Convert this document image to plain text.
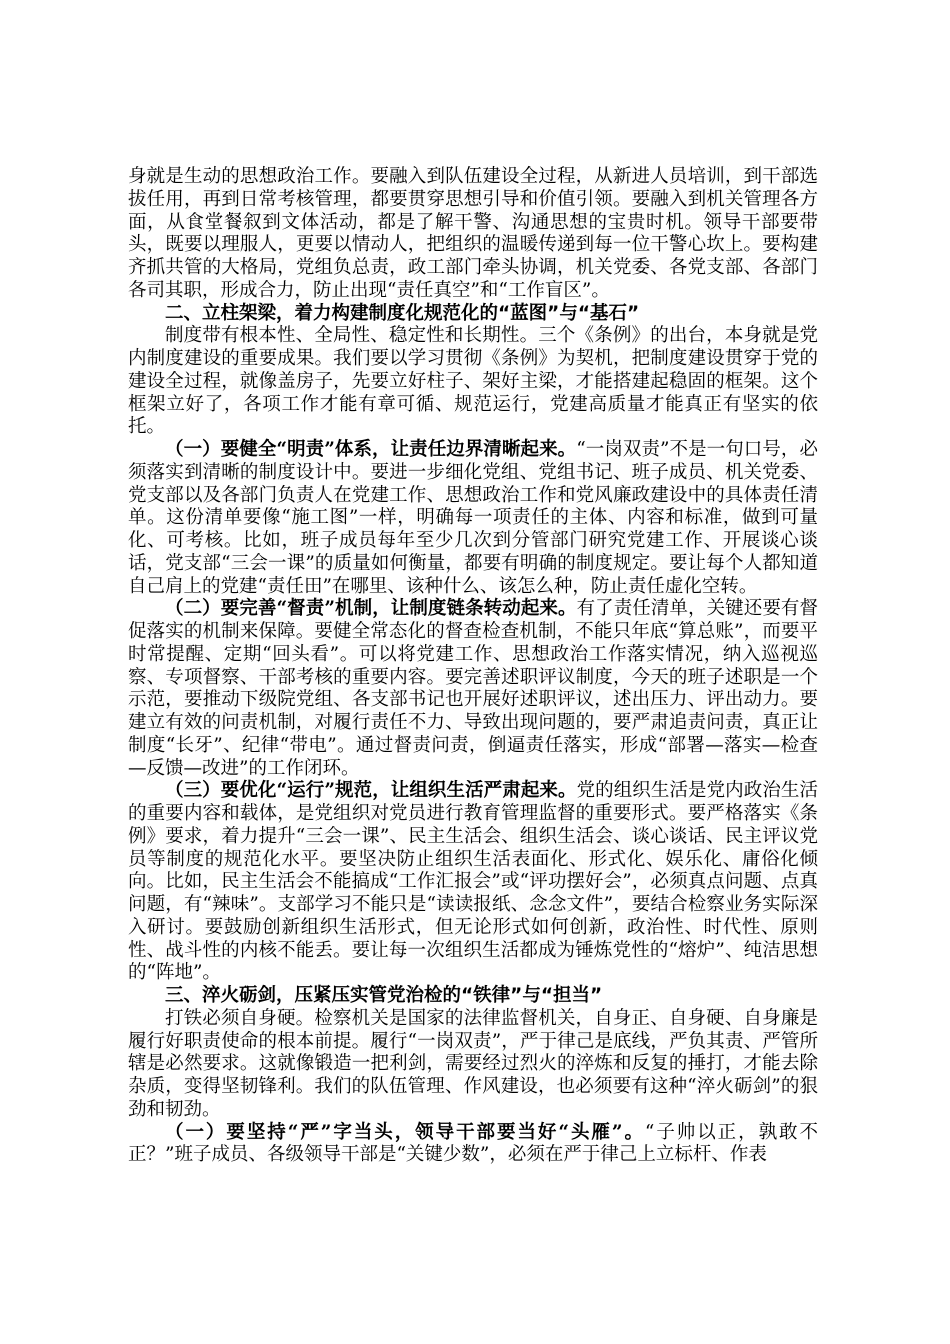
身就是生动的思想政治工作。要融入到队伍建设全过程，从新进人员培训，到干部选拔任用，再到日常考核管理，都要贯穿思想引导和价值引领。要融入到机关管理各方面，从食堂餐叙到文体活动，都是了解干警、沟通思想的宝贵时机。领导干部要带头，既要以理服人，更要以情动人，把组织的温暖传递到每一位干警心坎上。要构建齐抓共管的大格局，党组负总责，政工部门牵头协调，机关党委、各党支部、各部门各司其职，形成合力，防止出现“责任真空”和“工作盲区”。

二、立柱架梁，着力构建制度化规范化的“蓝图”与“基石”

制度带有根本性、全局性、稳定性和长期性。三个《条例》的出台，本身就是党内制度建设的重要成果。我们要以学习贯彻《条例》为契机，把制度建设贯穿于党的建设全过程，就像盖房子，先要立好柱子、架好主梁，才能搭建起稳固的框架。这个框架立好了，各项工作才能有章可循、规范运行，党建高质量才能真正有坚实的依托。

（一）要健全“明责”体系，让责任边界清晰起来。“一岗双责”不是一句口号，必须落实到清晰的制度设计中。要进一步细化党组、党组书记、班子成员、机关党委、党支部以及各部门负责人在党建工作、思想政治工作和党风廉政建设中的具体责任清单。这份清单要像“施工图”一样，明确每一项责任的主体、内容和标准，做到可量化、可考核。比如，班子成员每年至少几次到分管部门研究党建工作、开展谈心谈话，党支部“三会一课”的质量如何衡量，都要有明确的制度规定。要让每个人都知道自己肩上的党建“责任田”在哪里、该种什么、该怎么种，防止责任虚化空转。

（二）要完善“督责”机制，让制度链条转动起来。有了责任清单，关键还要有督促落实的机制来保障。要健全常态化的督查检查机制，不能只年底“算总账”，而要平时常提醒、定期“回头看”。可以将党建工作、思想政治工作落实情况，纳入巡视巡察、专项督察、干部考核的重要内容。要完善述职评议制度，今天的班子述职是一个示范，要推动下级院党组、各支部书记也开展好述职评议，述出压力、评出动力。要建立有效的问责机制，对履行责任不力、导致出现问题的，要严肃追责问责，真正让制度“长牙”、纪律“带电”。通过督责问责，倒逼责任落实，形成“部署—落实—检查—反馈—改进”的工作闭环。

（三）要优化“运行”规范，让组织生活严肃起来。党的组织生活是党内政治生活的重要内容和载体，是党组织对党员进行教育管理监督的重要形式。要严格落实《条例》要求，着力提升“三会一课”、民主生活会、组织生活会、谈心谈话、民主评议党员等制度的规范化水平。要坚决防止组织生活表面化、形式化、娱乐化、庸俗化倾向。比如，民主生活会不能搞成“工作汇报会”或“评功摆好会”，必须真点问题、点真问题，有“辣味”。支部学习不能只是“读读报纸、念念文件”，要结合检察业务实际深入研讨。要鼓励创新组织生活形式，但无论形式如何创新，政治性、时代性、原则性、战斗性的内核不能丢。要让每一次组织生活都成为锤炼党性的“熔炉”、纯洁思想的“阵地”。

三、淬火砺剑，压紧压实管党治检的“铁律”与“担当”

打铁必须自身硬。检察机关是国家的法律监督机关，自身正、自身硬、自身廉是履行好职责使命的根本前提。履行“一岗双责”，严于律己是底线，严负其责、严管所辖是必然要求。这就像锻造一把利剑，需要经过烈火的淬炼和反复的捶打，才能去除杂质，变得坚韧锋利。我们的队伍管理、作风建设，也必须要有这种“淬火砺剑”的狠劲和韧劲。

（一）要坚持“严”字当头，领导干部要当好“头雁”。“子帅以正，孰敢不正？”班子成员、各级领导干部是“关键少数”，必须在严于律己上立标杆、作表
